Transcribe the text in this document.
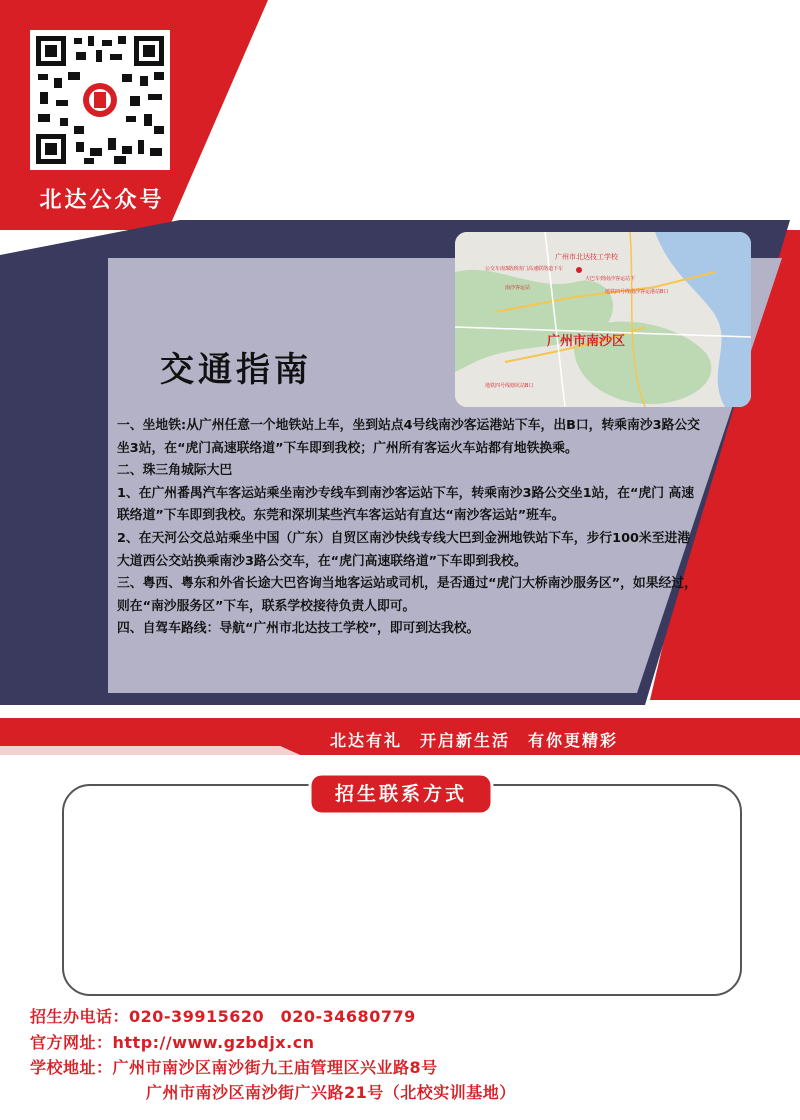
北达公众号
广州市北达技工学校
公交车南3路到虎门高速联络道下车
大巴车到南沙客运站下
南沙客运站
地铁四号线南沙客运港站B口
地铁四号线塘坑站B口
广州市南沙区
交通指南

一、坐地铁:从广州任意一个地铁站上车，坐到站点4号线南沙客运港站下车，出B口，转乘南沙3路公交坐3站，在“虎门高速联络道”下车即到我校；广州所有客运火车站都有地铁换乘。

二、珠三角城际大巴

1、在广州番禺汽车客运站乘坐南沙专线车到南沙客运站下车，转乘南沙3路公交坐1站，在“虎门 高速联络道”下车即到我校。东莞和深圳某些汽车客运站有直达“南沙客运站”班车。

2、在天河公交总站乘坐中国（广东）自贸区南沙快线专线大巴到金洲地铁站下车，步行100米至进港大道西公交站换乘南沙3路公交车，在“虎门高速联络道”下车即到我校。

三、粤西、粤东和外省长途大巴咨询当地客运站或司机，是否通过“虎门大桥南沙服务区”，如果经过，则在“南沙服务区”下车，联系学校接待负责人即可。

四、自驾车路线：导航“广州市北达技工学校”，即可到达我校。

北达有礼　开启新生活　有你更精彩
招生联系方式
招生办电话：020-39915620　020-34680779
官方网址：http://www.gzbdjx.cn
学校地址：广州市南沙区南沙街九王庙管理区兴业路8号
广州市南沙区南沙街广兴路21号（北校实训基地）
